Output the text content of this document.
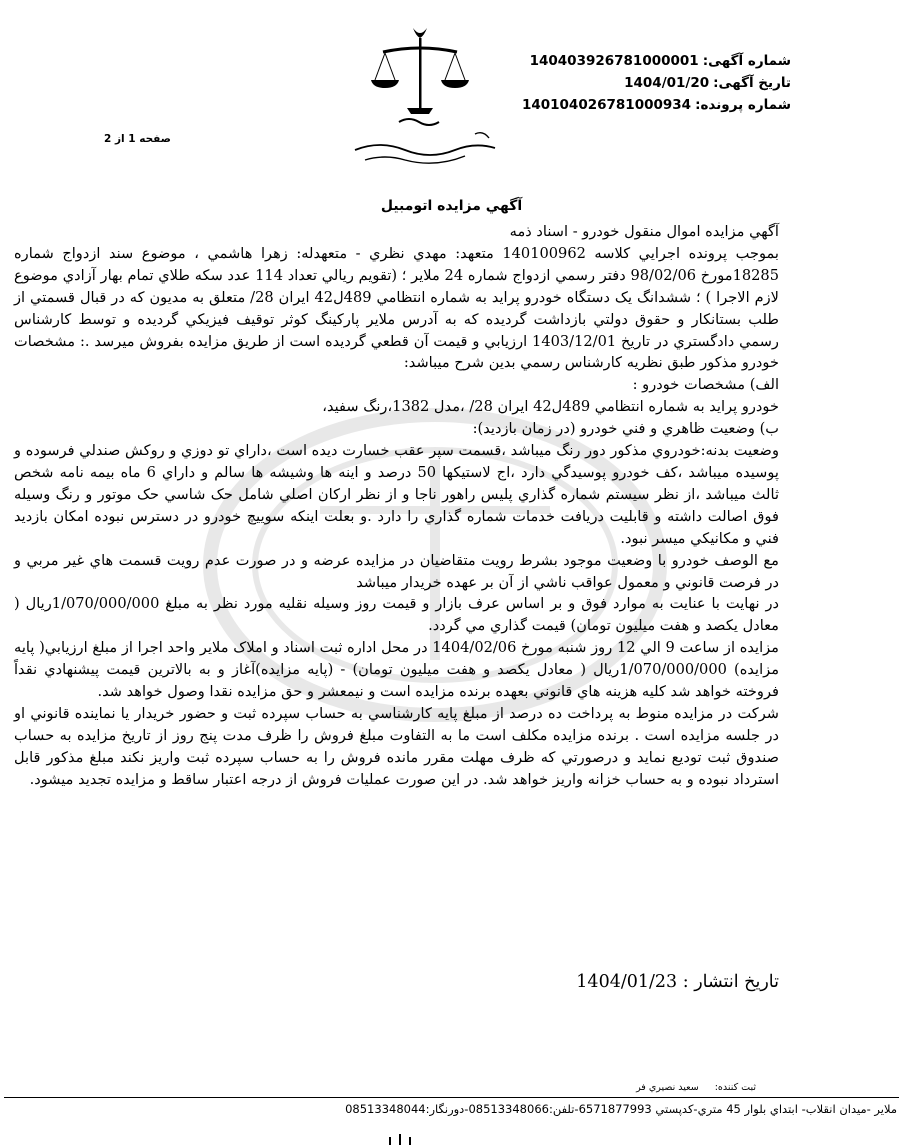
شماره آگهی:140403926781000001
تاریخ آگهی:1404/01/20
شماره پرونده:140104026781000934
صفحه 1 از 2
آگهي مزايده اتومبيل

آگهي مزايده اموال منقول خودرو - اسناد ذمه

بموجب پرونده اجرايي کلاسه 140100962 متعهد: مهدي نظري - متعهدله: زهرا هاشمي ، موضوع سند ازدواج شماره 18285مورخ 98/02/06 دفتر رسمي ازدواج شماره 24 ملاير ؛ (تقويم ريالي تعداد 114 عدد سکه طلاي تمام بهار آزادي موضوع لازم الاجرا ) ؛ ششدانگ يک دستگاه خودرو پرايد به شماره انتظامي 489ل42 ايران 28/ متعلق به مديون که در قبال قسمتي از طلب بستانکار و حقوق دولتي بازداشت گرديده که به آدرس ملاير پارکينگ کوثر توقيف فيزيکي گرديده و توسط کارشناس رسمي دادگستري در تاريخ 1403/12/01 ارزيابي و قيمت آن قطعي گرديده است از طريق مزايده بفروش ميرسد .: مشخصات خودرو مذکور طبق نظريه کارشناس رسمي بدين شرح ميباشد:

الف) مشخصات خودرو :

خودرو پرايد به شماره انتظامي 489ل42 ايران 28/ ،مدل 1382،رنگ سفيد،

ب) وضعيت ظاهري و فني خودرو (در زمان بازديد):

وضعيت بدنه:خودروي مذکور دور رنگ ميباشد ،قسمت سپر عقب خسارت ديده است ،داراي تو دوزي و روکش صندلي فرسوده و پوسيده ميباشد ،کف خودرو پوسيدگي دارد ،اج لاستيکها 50 درصد و اينه ها وشيشه ها سالم و داراي 6 ماه بيمه نامه شخص ثالث ميباشد ،از نظر سيستم شماره گذاري پليس راهور ناجا و از نظر ارکان اصلي شامل حک شاسي حک موتور و رنگ وسيله فوق اصالت داشته و قابليت دريافت خدمات شماره گذاري را دارد .و بعلت اينکه سوييچ خودرو در دسترس نبوده امکان بازديد فني و مکانيکي ميسر نبود.

مع الوصف خودرو با وضعيت موجود بشرط رويت متقاضيان در مزايده عرضه و در صورت عدم رويت قسمت هاي غير مربي و در فرصت قانوني و معمول عواقب ناشي از آن بر عهده خريدار ميباشد

در نهايت با عنايت به موارد فوق و بر اساس عرف بازار و قيمت روز وسيله نقليه مورد نظر به مبلغ 1/070/000/000ريال ( معادل يکصد و هفت ميليون تومان) قيمت گذاري مي گردد.

مزايده از ساعت 9 الي 12 روز شنبه مورخ 1404/02/06 در محل اداره ثبت اسناد و املاک ملاير واحد اجرا از مبلغ ارزيابي( پايه مزايده) 1/070/000/000ريال ( معادل يکصد و هفت ميليون تومان) - (پايه مزايده)آغاز و به بالاترين قيمت پيشنهادي نقداً فروخته خواهد شد کليه هزينه هاي قانوني بعهده برنده مزايده است و نيمعشر و حق مزايده نقدا وصول خواهد شد.

شرکت در مزايده منوط به پرداخت ده درصد از مبلغ پايه کارشناسي به حساب سپرده ثبت و حضور خريدار يا نماينده قانوني او در جلسه مزايده است . برنده مزايده مکلف است ما به التفاوت مبلغ فروش را ظرف مدت پنج روز از تاريخ مزايده به حساب صندوق ثبت توديع نمايد و درصورتي که ظرف مهلت مقرر مانده فروش را به حساب سپرده ثبت واريز نکند مبلغ مذکور قابل استرداد نبوده و به حساب خزانه واريز خواهد شد. در اين صورت عمليات فروش از درجه اعتبار ساقط و مزايده تجديد ميشود.

تاريخ انتشار : 1404/01/23
ثبت کننده:سعيد نصيري فر
ملاير -ميدان انقلاب- ابتداي بلوار 45 متري-کدپستي 6571877993-تلفن:08513348066-دورنگار:08513348044
